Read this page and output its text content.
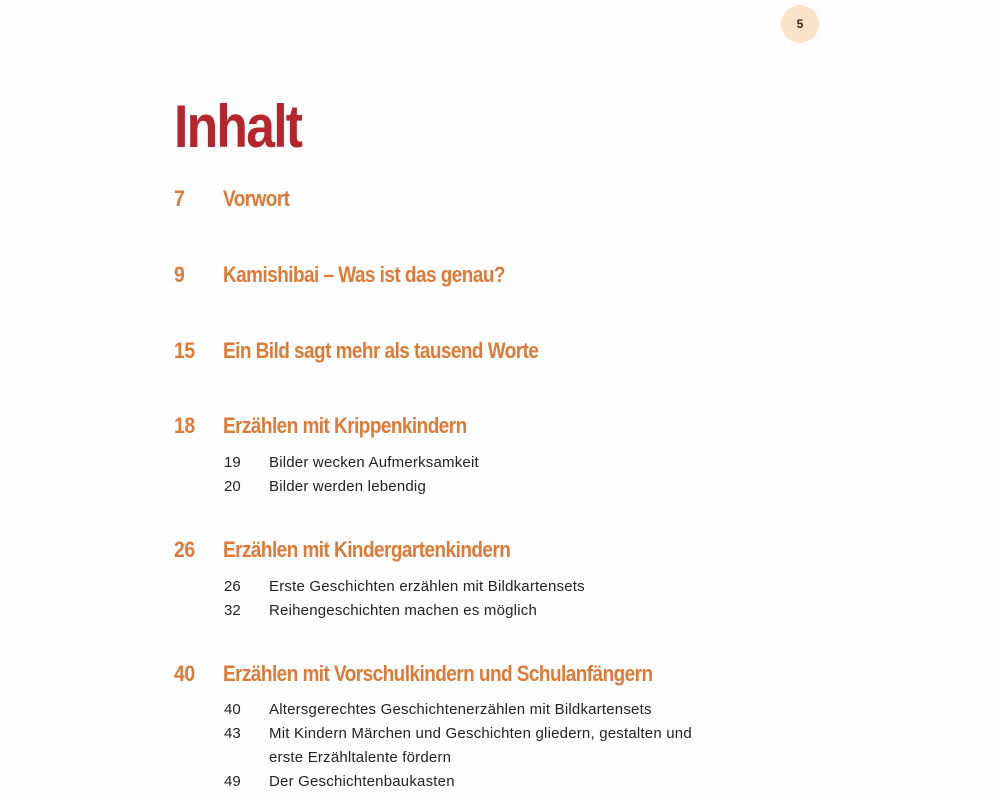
5
Inhalt
7 Vorwort
9 Kamishibai – Was ist das genau?
15 Ein Bild sagt mehr als tausend Worte
18 Erzählen mit Krippenkindern
19 Bilder wecken Aufmerksamkeit
20 Bilder werden lebendig
26 Erzählen mit Kindergartenkindern
26 Erste Geschichten erzählen mit Bildkartensets
32 Reihengeschichten machen es möglich
40 Erzählen mit Vorschulkindern und Schulanfängern
40 Altersgerechtes Geschichtenerzählen mit Bildkartensets
43 Mit Kindern Märchen und Geschichten gliedern, gestalten und
erste Erzähltalente fördern
49 Der Geschichtenbaukasten
